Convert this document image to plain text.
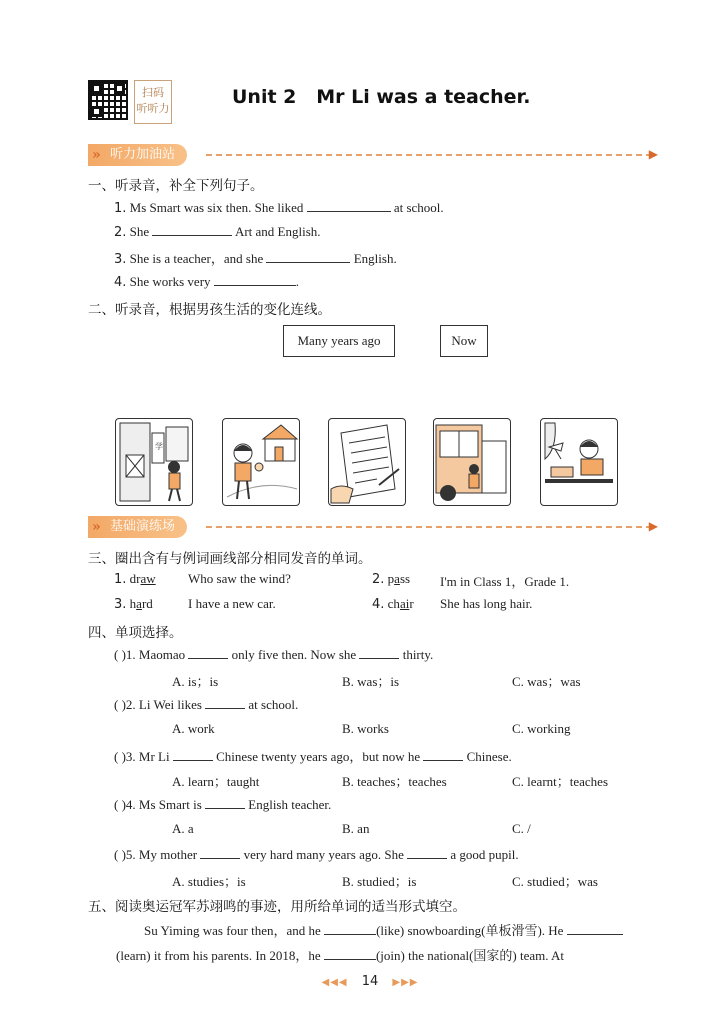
扫码
听听力
Unit 2   Mr Li was a teacher.
听力加油站
»	▶
一、听录音，补全下列句子。
1. Ms Smart was six then. She liked	at school.
2. She	Art and English.
3. She is a teacher，and she	English.
4. She works very	.
二、听录音，根据男孩生活的变化连线。
Many years ago	Now
学
基础演练场
»	▶
三、圈出含有与例词画线部分相同发音的单词。
1. draw Who saw the wind?	2. pass I'm in Class 1，Grade 1.
3. hard	I have a new car.	4. chair She has long hair.
四、单项选择。
( )1. Maomao	only five then. Now she	thirty.
A. is；is	B. was；is	C. was；was
( )2. Li Wei likes	at school.
A. work	B. works	C. working
( )3. Mr Li	Chinese twenty years ago，but now he	Chinese.
A. learn；taught	B. teaches；teaches	C. learnt；teaches
( )4. Ms Smart is	English teacher.
A. a	B. an	C. /
( )5. My mother	very hard many years ago. She	a good pupil.
A. studies；is	B. studied；is	C. studied；was
五、阅读奥运冠军苏翊鸣的事迹，用所给单词的适当形式填空。
Su Yiming was four then，and he	(like) snowboarding(单板滑雪). He
(learn) it from his parents. In 2018，he	(join) the national(国家的) team. At
◀◀◀ 14 ▶▶▶
